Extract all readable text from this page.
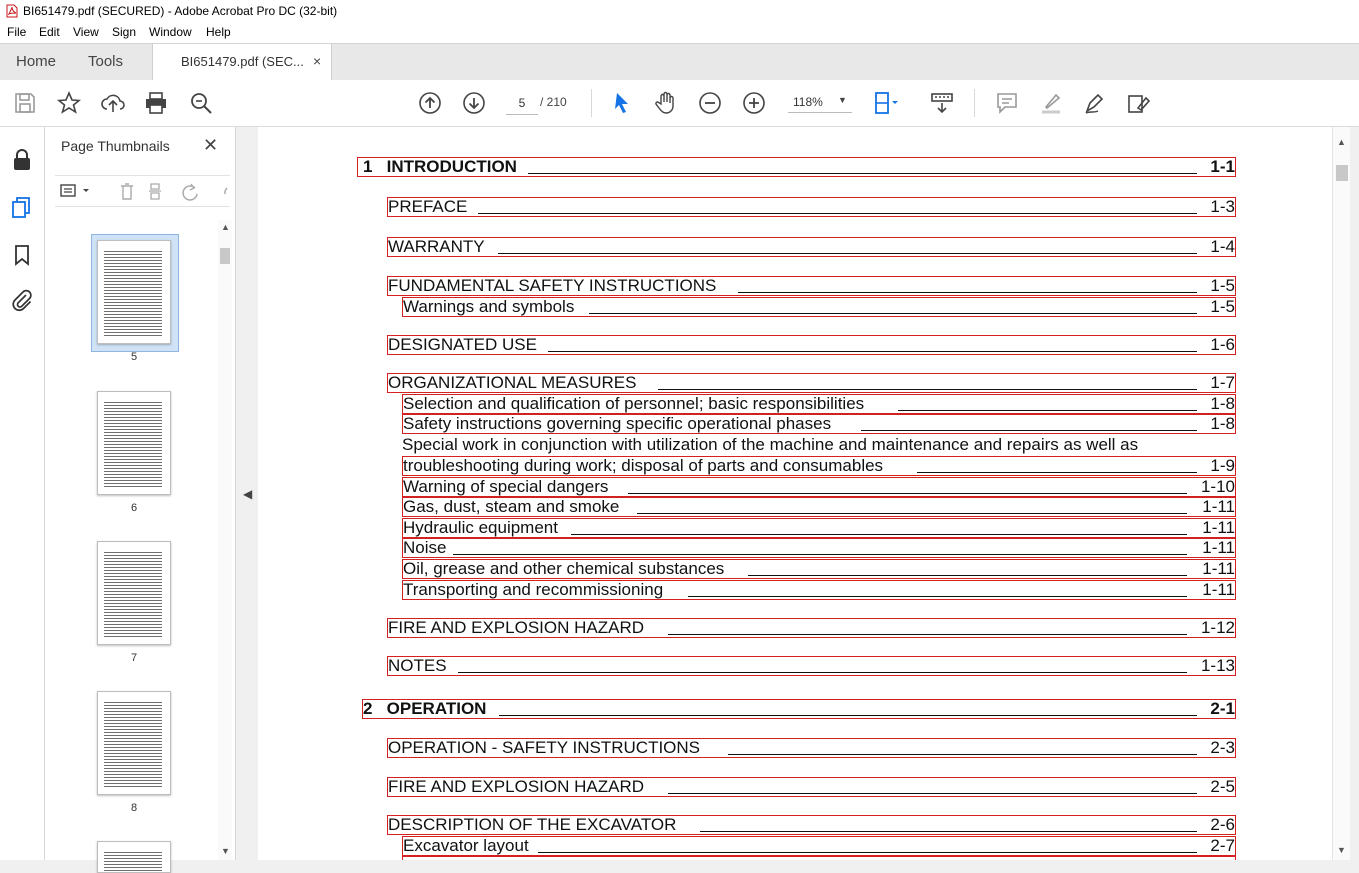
BI651479.pdf (SECURED) - Adobe Acrobat Pro DC (32-bit)
File Edit View Sign Window Help
Home Tools	BI651479.pdf (SEC... ×
5
/ 210	118% ▼
Page Thumbnails ✕
5
6
7
8
▲
▼
◀
1 INTRODUCTION	1-1
PREFACE	1-3
WARRANTY	1-4
FUNDAMENTAL SAFETY INSTRUCTIONS	1-5
Warnings and symbols	1-5
DESIGNATED USE	1-6
ORGANIZATIONAL MEASURES	1-7
Selection and qualification of personnel; basic responsibilities	1-8
Safety instructions governing specific operational phases	1-8
Special work in conjunction with utilization of the machine and maintenance and repairs as well as
troubleshooting during work; disposal of parts and consumables	1-9
Warning of special dangers	1-10
Gas, dust, steam and smoke	1-11
Hydraulic equipment	1-11
Noise	1-11
Oil, grease and other chemical substances	1-11
Transporting and recommissioning	1-11
FIRE AND EXPLOSION HAZARD	1-12
NOTES	1-13
2 OPERATION	2-1
OPERATION - SAFETY INSTRUCTIONS	2-3
FIRE AND EXPLOSION HAZARD	2-5
DESCRIPTION OF THE EXCAVATOR	2-6
Excavator layout	2-7
▲
▼
